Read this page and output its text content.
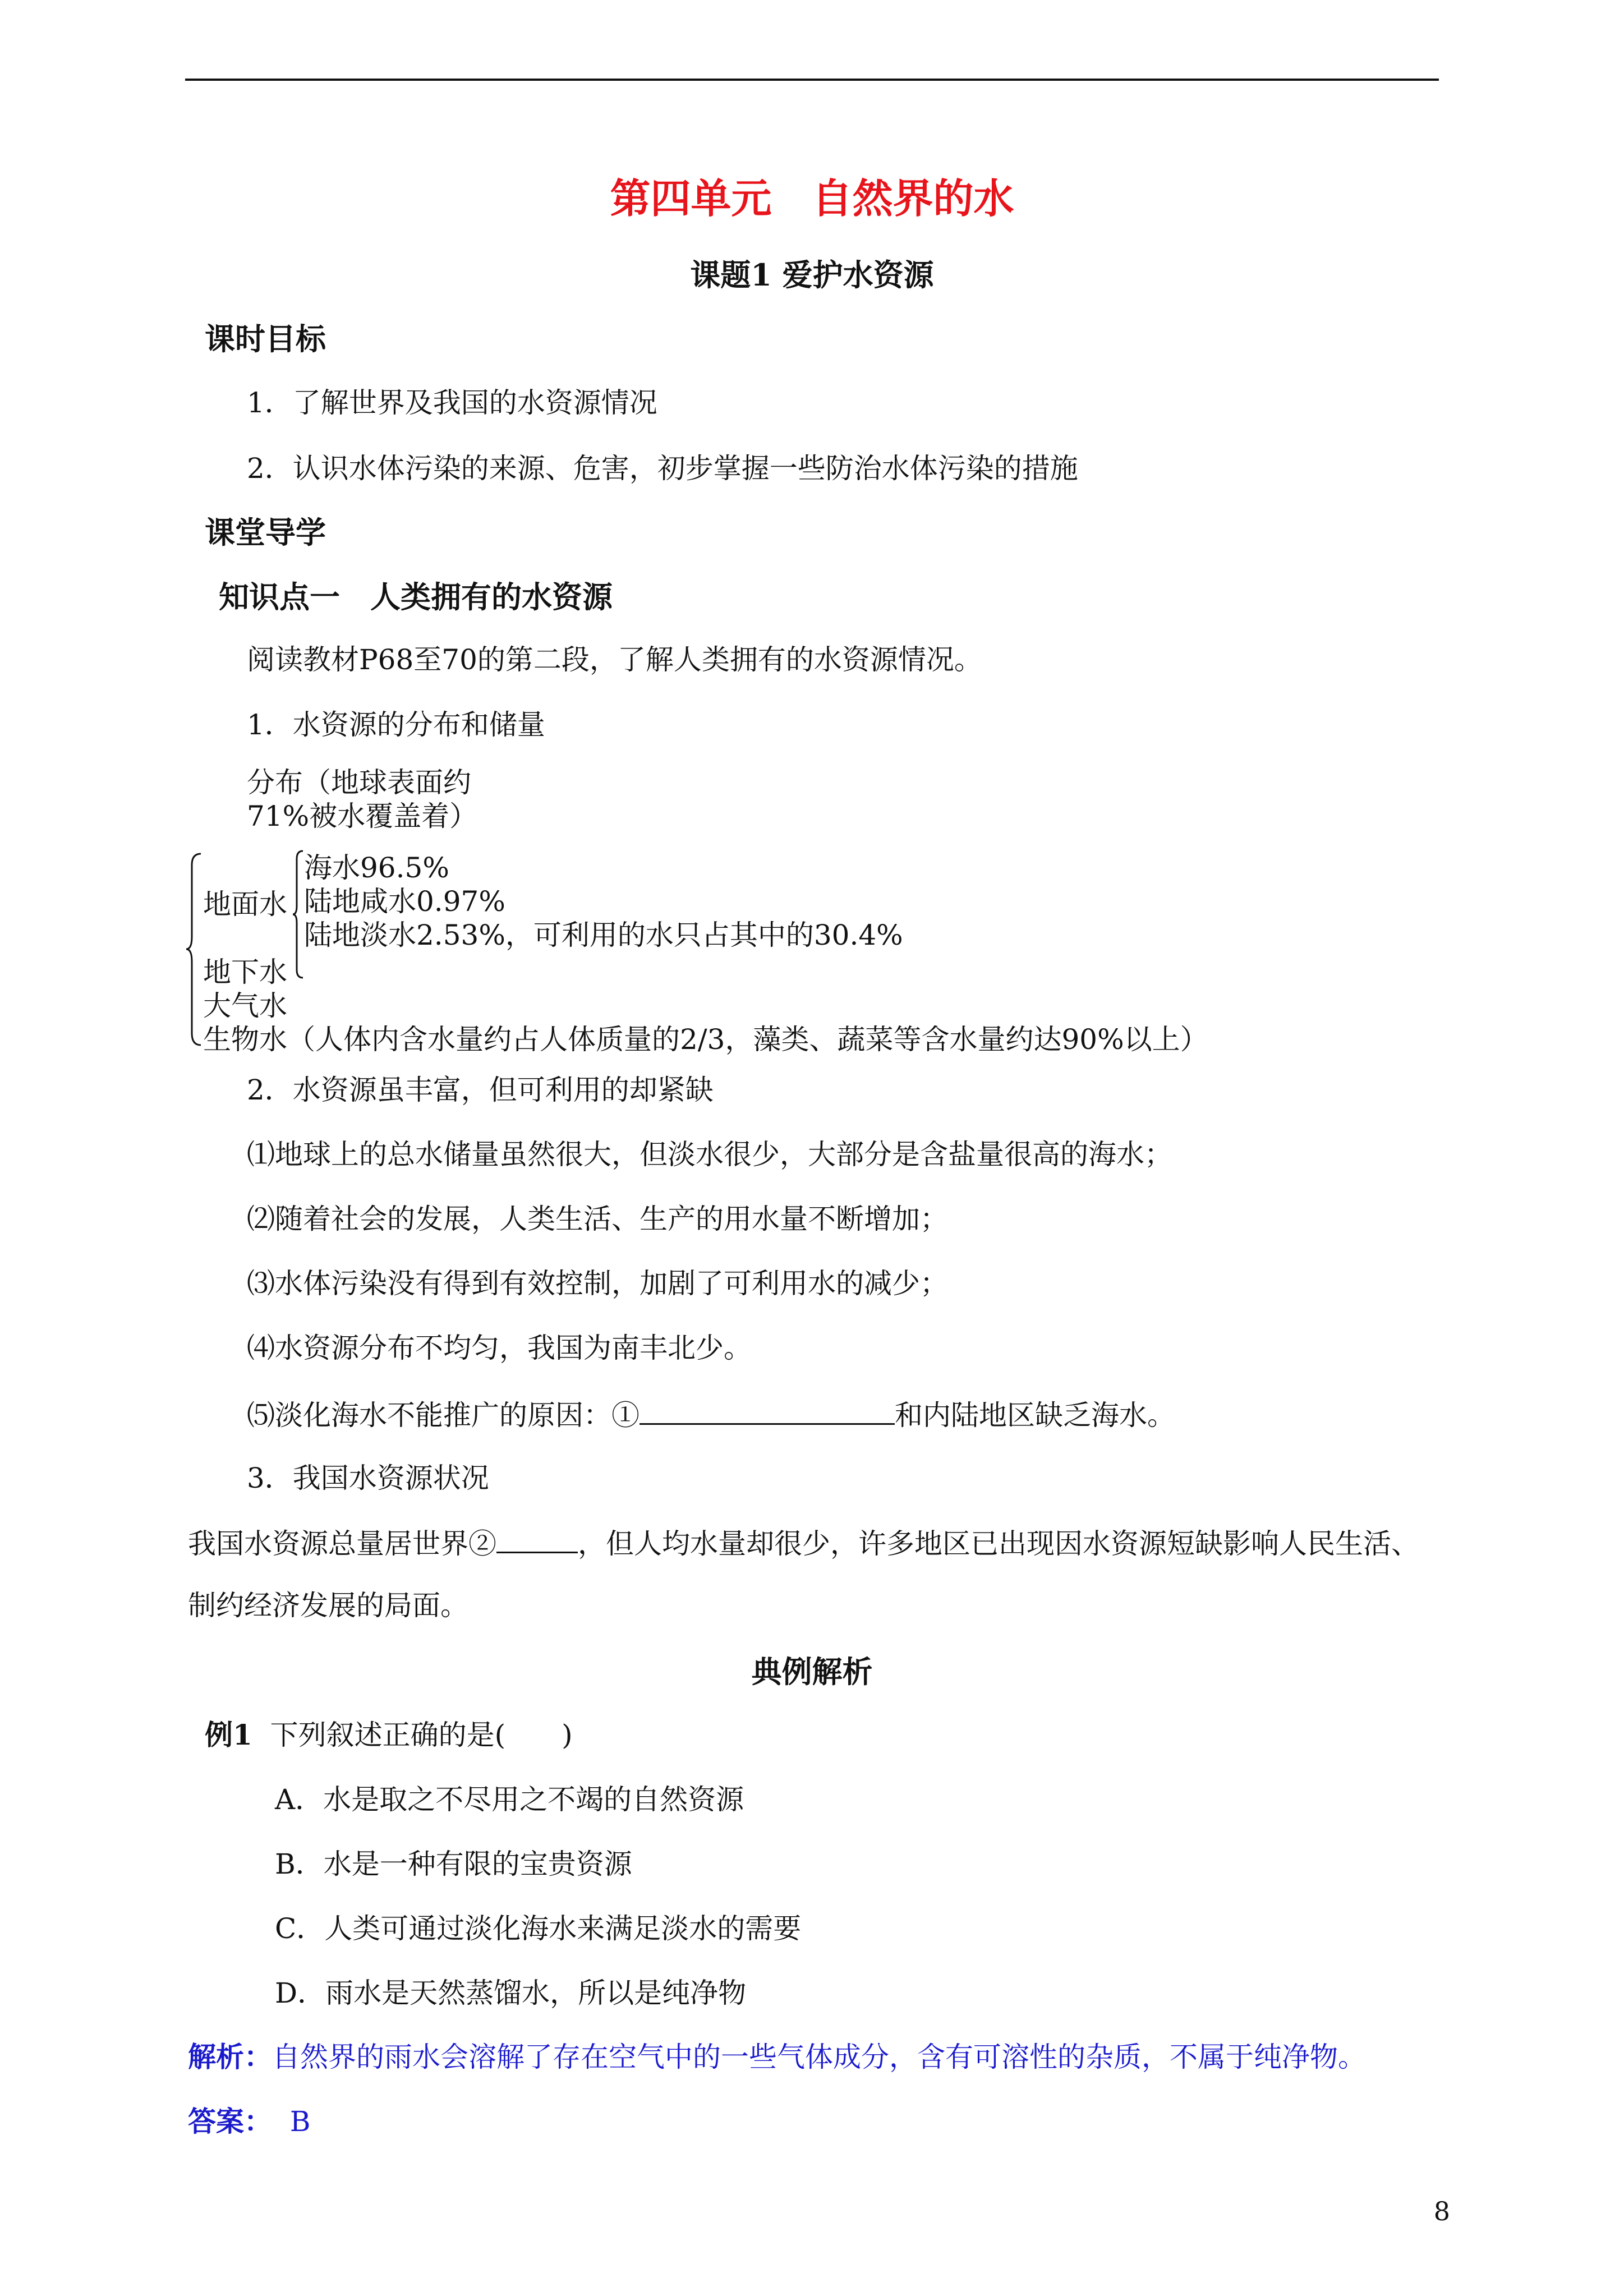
第四单元　自然界的水
课题1 爱护水资源
课时目标
1．了解世界及我国的水资源情况
2．认识水体污染的来源、危害，初步掌握一些防治水体污染的措施
课堂导学
知识点一　人类拥有的水资源
阅读教材P68至70的第二段，了解人类拥有的水资源情况。
1．水资源的分布和储量
分布（地球表面约
71%被水覆盖着）
地面水
海水96.5%
陆地咸水0.97%
陆地淡水2.53%，可利用的水只占其中的30.4%
地下水
大气水
生物水（人体内含水量约占人体质量的2/3，藻类、蔬菜等含水量约达90%以上）
2．水资源虽丰富，但可利用的却紧缺
⑴地球上的总水储量虽然很大，但淡水很少，大部分是含盐量很高的海水；
⑵随着社会的发展，人类生活、生产的用水量不断增加；
⑶水体污染没有得到有效控制，加剧了可利用水的减少；
⑷水资源分布不均匀，我国为南丰北少。
⑸淡化海水不能推广的原因：①	和内陆地区缺乏海水。
3．我国水资源状况
我国水资源总量居世界②	，但人均水量却很少，许多地区已出现因水资源短缺影响人民生活、
制约经济发展的局面。
典例解析
例1 下列叙述正确的是(　　)
A．水是取之不尽用之不竭的自然资源
B．水是一种有限的宝贵资源
C．人类可通过淡化海水来满足淡水的需要
D．雨水是天然蒸馏水，所以是纯净物
解析：自然界的雨水会溶解了存在空气中的一些气体成分，含有可溶性的杂质，不属于纯净物。
答案： B
8
